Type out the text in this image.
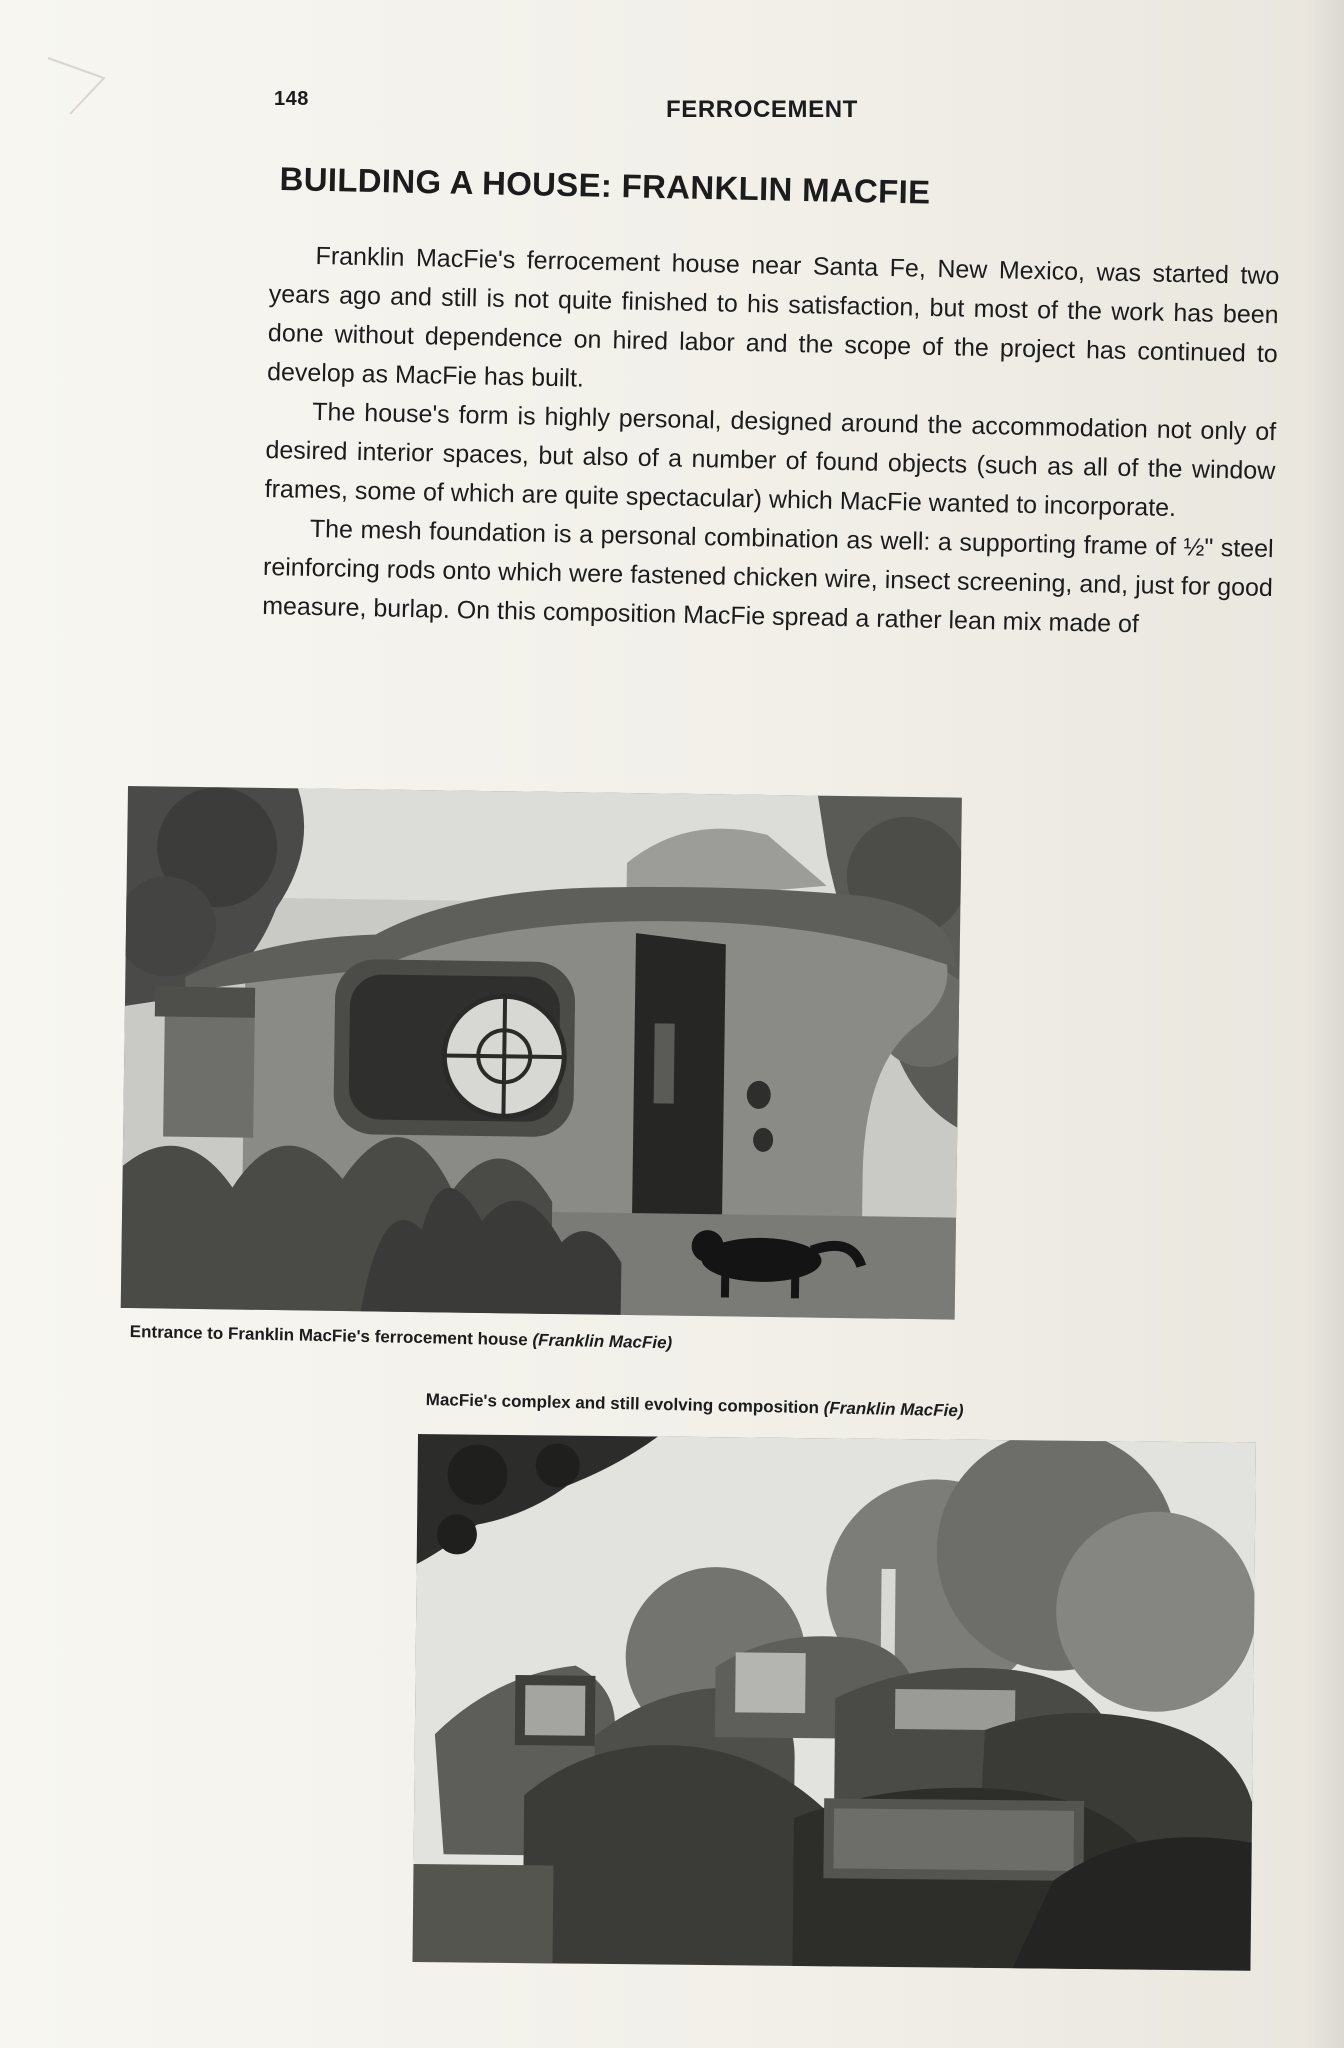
148	FERROCEMENT
BUILDING A HOUSE: FRANKLIN MACFIE

Franklin MacFie's ferrocement house near Santa Fe, New Mexico, was started two years ago and still is not quite finished to his satisfaction, but most of the work has been done without dependence on hired labor and the scope of the project has continued to develop as MacFie has built.

The house's form is highly personal, designed around the accommodation not only of desired interior spaces, but also of a number of found objects (such as all of the window frames, some of which are quite spectacular) which MacFie wanted to incorporate.

The mesh foundation is a personal combination as well: a supporting frame of ½" steel reinforcing rods onto which were fastened chicken wire, insect screening, and, just for good measure, burlap. On this composition MacFie spread a rather lean mix made of

Entrance to Franklin MacFie's ferrocement house (Franklin MacFie)
MacFie's complex and still evolving composition (Franklin MacFie)
